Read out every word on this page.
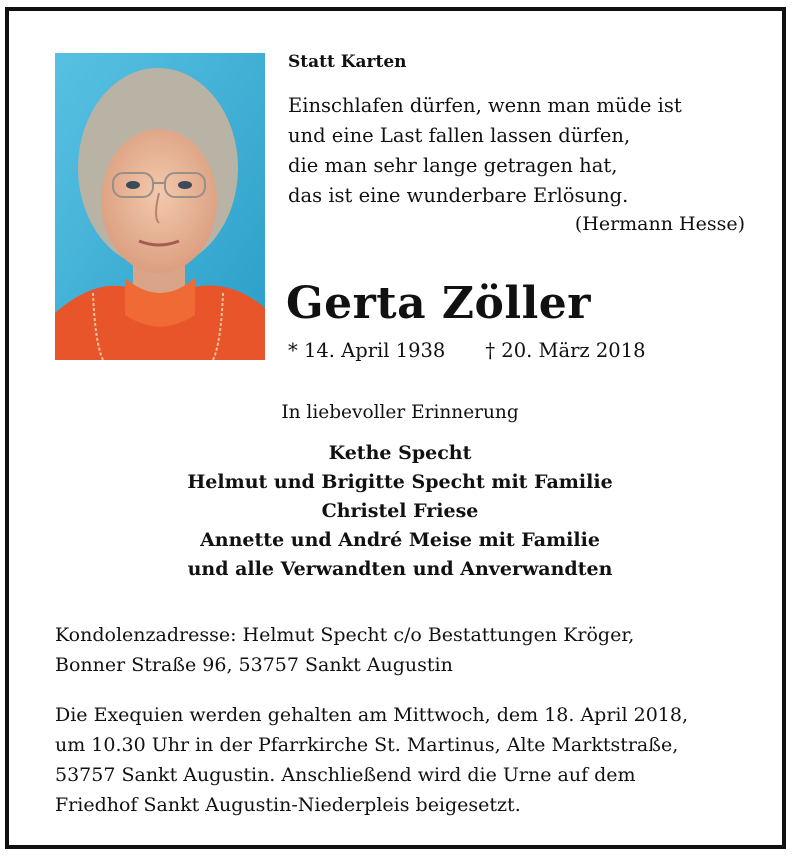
Statt Karten

Einschlafen dürfen, wenn man müde ist
und eine Last fallen lassen dürfen,
die man sehr lange getragen hat,
das ist eine wunderbare Erlösung.

(Hermann Hesse)

Gerta Zöller

* 14. April 1938 † 20. März 2018

In liebevoller Erinnerung

Kethe Specht
Helmut und Brigitte Specht mit Familie
Christel Friese
Annette und André Meise mit Familie
und alle Verwandten und Anverwandten

Kondolenzadresse: Helmut Specht c/o Bestattungen Kröger,
Bonner Straße 96, 53757 Sankt Augustin

Die Exequien werden gehalten am Mittwoch, dem 18. April 2018,
um 10.30 Uhr in der Pfarrkirche St. Martinus, Alte Marktstraße,
53757 Sankt Augustin. Anschließend wird die Urne auf dem
Friedhof Sankt Augustin-Niederpleis beigesetzt.
